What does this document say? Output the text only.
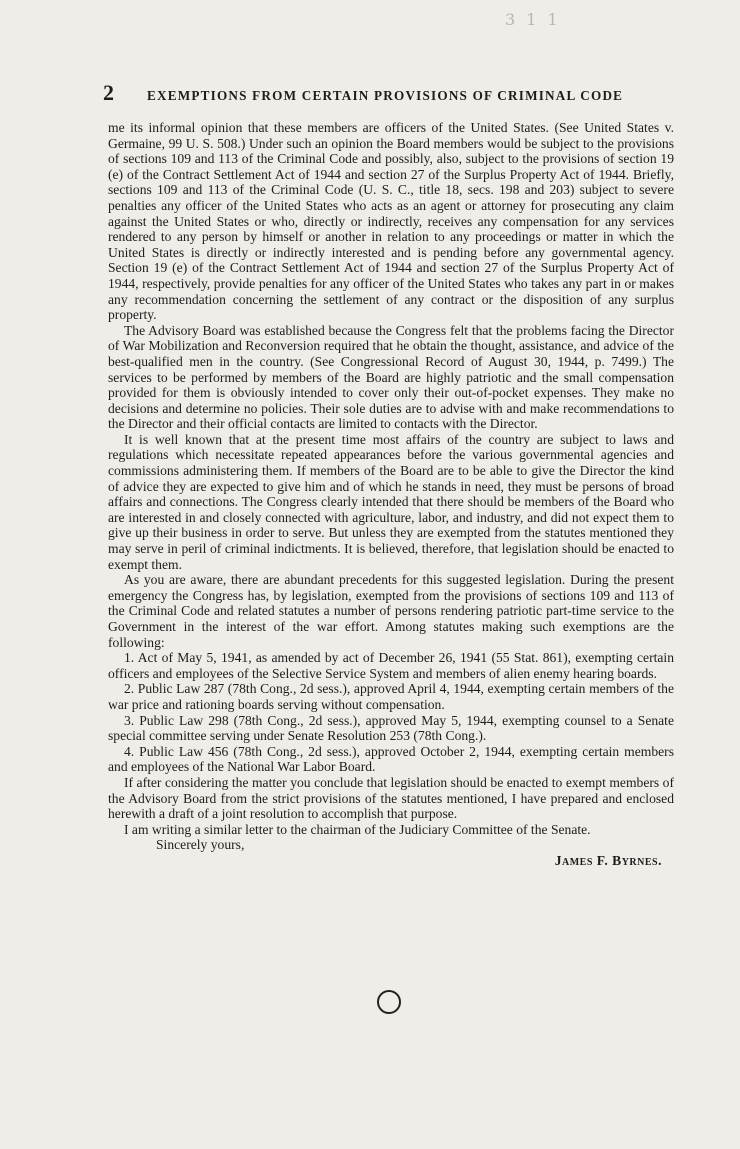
3 1 1
2	EXEMPTIONS FROM CERTAIN PROVISIONS OF CRIMINAL CODE

me its informal opinion that these members are officers of the United States. (See United States v. Germaine, 99 U. S. 508.) Under such an opinion the Board members would be subject to the provisions of sections 109 and 113 of the Criminal Code and possibly, also, subject to the provisions of section 19 (e) of the Contract Settlement Act of 1944 and section 27 of the Surplus Property Act of 1944. Briefly, sections 109 and 113 of the Criminal Code (U. S. C., title 18, secs. 198 and 203) subject to severe penalties any officer of the United States who acts as an agent or attorney for prosecuting any claim against the United States or who, directly or indirectly, receives any compensation for any services rendered to any person by himself or another in relation to any proceedings or matter in which the United States is directly or indirectly interested and is pending before any governmental agency. Section 19 (e) of the Contract Settlement Act of 1944 and section 27 of the Surplus Property Act of 1944, respectively, provide penalties for any officer of the United States who takes any part in or makes any recommendation concerning the settlement of any contract or the disposition of any surplus property.

The Advisory Board was established because the Congress felt that the problems facing the Director of War Mobilization and Reconversion required that he obtain the thought, assistance, and advice of the best-qualified men in the country. (See Congressional Record of August 30, 1944, p. 7499.) The services to be performed by members of the Board are highly patriotic and the small compensation provided for them is obviously intended to cover only their out-of-pocket expenses. They make no decisions and determine no policies. Their sole duties are to advise with and make recommendations to the Director and their official contacts are limited to contacts with the Director.

It is well known that at the present time most affairs of the country are subject to laws and regulations which necessitate repeated appearances before the various governmental agencies and commissions administering them. If members of the Board are to be able to give the Director the kind of advice they are expected to give him and of which he stands in need, they must be persons of broad affairs and connections. The Congress clearly intended that there should be members of the Board who are interested in and closely connected with agriculture, labor, and industry, and did not expect them to give up their business in order to serve. But unless they are exempted from the statutes mentioned they may serve in peril of criminal indictments. It is believed, therefore, that legislation should be enacted to exempt them.

As you are aware, there are abundant precedents for this suggested legislation. During the present emergency the Congress has, by legislation, exempted from the provisions of sections 109 and 113 of the Criminal Code and related statutes a number of persons rendering patriotic part-time service to the Government in the interest of the war effort. Among statutes making such exemptions are the following:

1. Act of May 5, 1941, as amended by act of December 26, 1941 (55 Stat. 861), exempting certain officers and employees of the Selective Service System and members of alien enemy hearing boards.

2. Public Law 287 (78th Cong., 2d sess.), approved April 4, 1944, exempting certain members of the war price and rationing boards serving without compensation.

3. Public Law 298 (78th Cong., 2d sess.), approved May 5, 1944, exempting counsel to a Senate special committee serving under Senate Resolution 253 (78th Cong.).

4. Public Law 456 (78th Cong., 2d sess.), approved October 2, 1944, exempting certain members and employees of the National War Labor Board.

If after considering the matter you conclude that legislation should be enacted to exempt members of the Advisory Board from the strict provisions of the statutes mentioned, I have prepared and enclosed herewith a draft of a joint resolution to accomplish that purpose.

I am writing a similar letter to the chairman of the Judiciary Committee of the Senate.

Sincerely yours,

James F. Byrnes.
